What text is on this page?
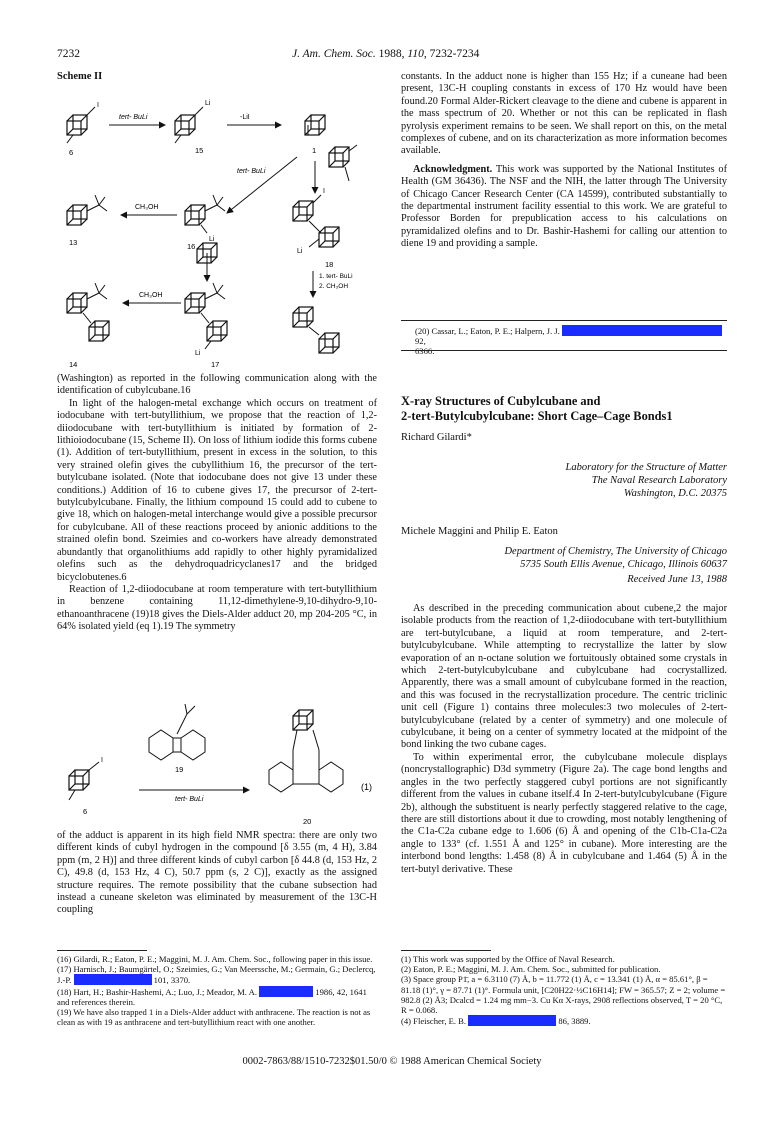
7232	J. Am. Chem. Soc. 1988, 110, 7232-7234
Scheme II
I
6
tert- BuLi
Li
15
-LiI
1
tert- BuLi
13
CH₃OH
Li
16
I
Li
18
1. tert- BuLi
2. CH₃OH
14
CH₃OH
Li
17

(Washington) as reported in the following communication along with the identification of cubylcubane.16

In light of the halogen-metal exchange which occurs on treatment of iodocubane with tert-butyllithium, we propose that the reaction of 1,2-diiodocubane with tert-butyllithium is initiated by formation of 2-lithioiodocubane (15, Scheme II). On loss of lithium iodide this forms cubene (1). Addition of tert-butyllithium, present in excess in the solution, to this very strained olefin gives the cubyllithium 16, the precursor of the tert-butylcubane isolated. (Note that iodocubane does not give 13 under these conditions.) Addition of 16 to cubene gives 17, the precursor of 2-tert-butylcubylcubane. Finally, the lithium compound 15 could add to cubene to give 18, which on halogen-metal interchange would give a possible precursor for cubylcubane. All of these reactions proceed by anionic additions to the strained olefin bond. Szeimies and co-workers have already demonstrated abundantly that organolithiums add rapidly to other highly pyramidalized olefins such as the dehydroquadricyclanes17 and the bridged bicyclobutenes.6

Reaction of 1,2-diiodocubane at room temperature with tert-butyllithium in benzene containing 11,12-dimethylene-9,10-dihydro-9,10-ethanoanthracene (19)18 gives the Diels-Alder adduct 20, mp 204-205 °C, in 64% isolated yield (eq 1).19 The symmetry

I
6
19
tert- BuLi
20
(1)

of the adduct is apparent in its high field NMR spectra: there are only two different kinds of cubyl hydrogen in the compound [δ 3.55 (m, 4 H), 3.84 ppm (m, 2 H)] and three different kinds of cubyl carbon [δ 44.8 (d, 153 Hz, 2 C), 49.8 (d, 153 Hz, 4 C), 50.7 ppm (s, 2 C)], exactly as the assigned structure requires. The remote possibility that the cubane subsection had instead a cuneane skeleton was eliminated by measurement of the 13C-H coupling

(16) Gilardi, R.; Eaton, P. E.; Maggini, M. J. Am. Chem. Soc., following paper in this issue.
(17) Harnisch, J.; Baumgärtel, O.; Szeimies, G.; Van Meerssche, M.; Germain, G.; Declercq, J.-P.	101, 3370.
(18) Hart, H.; Bashir-Hashemi, A.; Luo, J.; Meador, M. A.	1986, 42, 1641 and references therein.
(19) We have also trapped 1 in a Diels-Alder adduct with anthracene. The reaction is not as clean as with 19 as anthracene and tert-butyllithium react with one another.

constants. In the adduct none is higher than 155 Hz; if a cuneane had been present, 13C-H coupling constants in excess of 170 Hz would have been found.20 Formal Alder-Rickert cleavage to the diene and cubene is apparent in the mass spectrum of 20. Whether or not this can be replicated in flash pyrolysis experiment remains to be seen. We shall report on this, on the metal complexes of cubene, and on its characterization as more information becomes available.

Acknowledgment. This work was supported by the National Institutes of Health (GM 36436). The NSF and the NIH, the latter through The University of Chicago Cancer Research Center (CA 14599), contributed substantially to the departmental instrument facility essential to this work. We are grateful to Professor Borden for prepublication access to his calculations on pyramidalized olefins and to Dr. Bashir-Hashemi for calling our attention to diene 19 and providing a sample.

(20) Cassar, L.; Eaton, P. E.; Halpern, J. J.  92,
6366.
X-ray Structures of Cubylcubane and
2-tert-Butylcubylcubane: Short Cage–Cage Bonds1
Richard Gilardi*
Laboratory for the Structure of Matter
The Naval Research Laboratory
Washington, D.C. 20375
Michele Maggini and Philip E. Eaton
Department of Chemistry, The University of Chicago
5735 South Ellis Avenue, Chicago, Illinois 60637
Received June 13, 1988

As described in the preceding communication about cubene,2 the major isolable products from the reaction of 1,2-diiodocubane with tert-butyllithium are tert-butylcubane, a liquid at room temperature, and 2-tert-butylcubylcubane. While attempting to recrystallize the latter by slow evaporation of an n-octane solution we fortuitously obtained some crystals in which 2-tert-butylcubylcubane and cubylcubane had cocrystallized. Apparently, there was a small amount of cubylcubane formed in the reaction, and this was focused in the recrystallization procedure. The centric triclinic unit cell (Figure 1) contains three molecules:3 two molecules of 2-tert-butylcubylcubane (related by a center of symmetry) and one molecule of cubylcubane, it being on a center of symmetry located at the midpoint of the bond linking the two cubane cages.

To within experimental error, the cubylcubane molecule displays (noncrystallographic) D3d symmetry (Figure 2a). The cage bond lengths and angles in the two perfectly staggered cubyl portions are not significantly different from the values in cubane itself.4 In 2-tert-butylcubylcubane (Figure 2b), although the substituent is nearly perfectly staggered relative to the cage, there are still distortions about it due to crowding, most notably lengthening of the C1a-C2a cubane edge to 1.606 (6) Å and opening of the C1b-C1a-C2a angle to 133° (cf. 1.551 Å and 125° in cubane). More interesting are the interbond bond lengths: 1.458 (8) Å in cubylcubane and 1.464 (5) Å in the tert-butyl derivative. These

(1) This work was supported by the Office of Naval Research.
(2) Eaton, P. E.; Maggini, M. J. Am. Chem. Soc., submitted for publication.
(3) Space group P1̄, a = 6.3110 (7) Å, b = 11.772 (1) Å, c = 13.341 (1) Å, α = 85.61°, β = 81.18 (1)°, γ = 87.71 (1)°. Formula unit, [C20H22·½C16H14]; FW = 365.57; Z = 2; volume = 982.8 (2) Å3; Dcalcd = 1.24 mg mm−3. Cu Kα X-rays, 2908 reflections observed, T = 20 °C, R = 0.068.
(4) Fleischer, E. B.	86, 3889.
0002-7863/88/1510-7232$01.50/0 © 1988 American Chemical Society
